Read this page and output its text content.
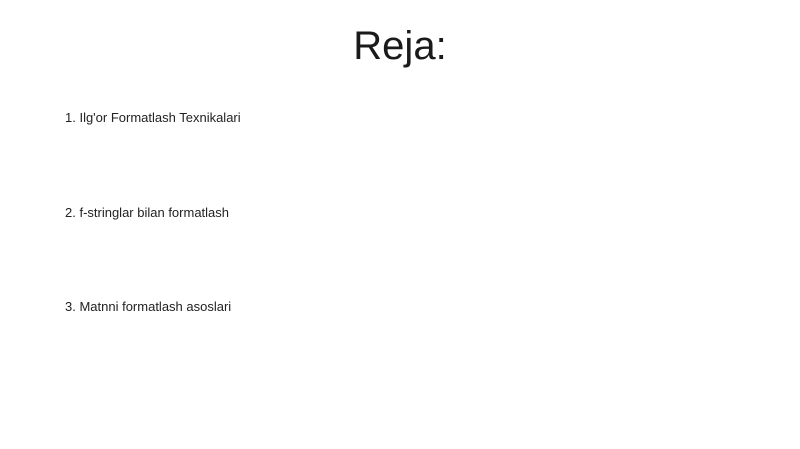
Reja:
1. Ilg'or Formatlash Texnikalari
2. f-stringlar bilan formatlash
3. Matnni formatlash asoslari
